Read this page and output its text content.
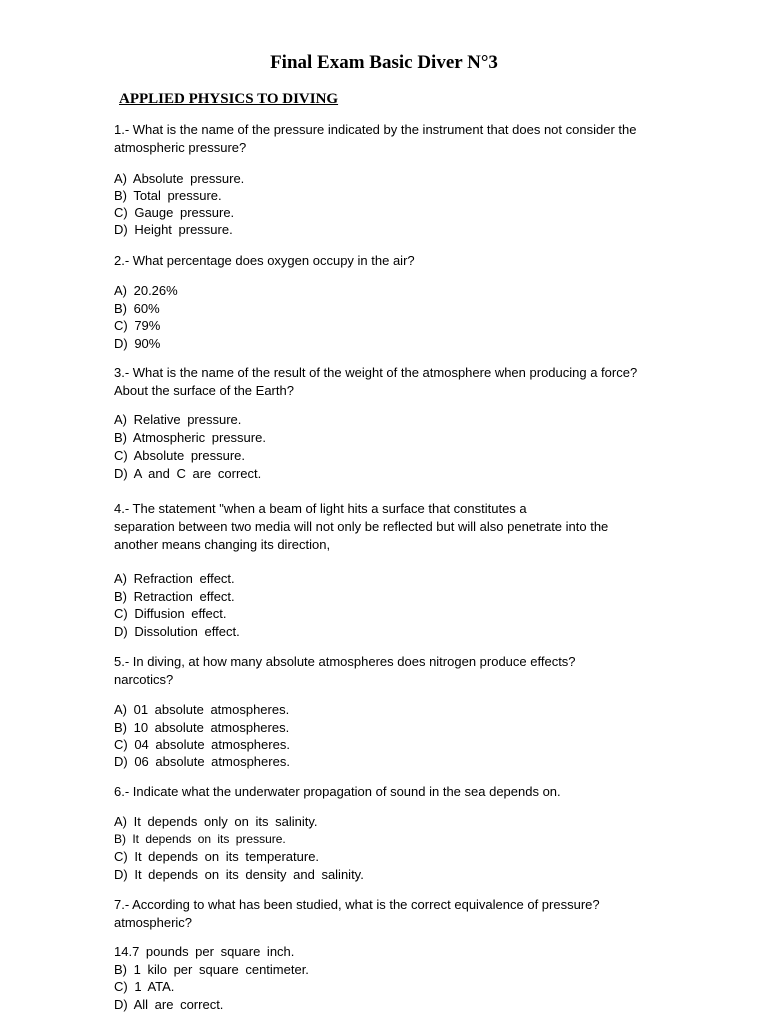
Final Exam Basic Diver N°3
APPLIED PHYSICS TO DIVING
1.- What is the name of the pressure indicated by the instrument that does not consider the
atmospheric pressure?
A) Absolute pressure.
B) Total pressure.
C) Gauge pressure.
D) Height pressure.
2.- What percentage does oxygen occupy in the air?
A) 20.26%
B) 60%
C) 79%
D) 90%
3.- What is the name of the result of the weight of the atmosphere when producing a force?
About the surface of the Earth?
A) Relative pressure.
B) Atmospheric pressure.
C) Absolute pressure.
D) A and C are correct.
4.- The statement "when a beam of light hits a surface that constitutes a
separation between two media will not only be reflected but will also penetrate into the
another means changing its direction,
A) Refraction effect.
B) Retraction effect.
C) Diffusion effect.
D) Dissolution effect.
5.- In diving, at how many absolute atmospheres does nitrogen produce effects?
narcotics?
A) 01 absolute atmospheres.
B) 10 absolute atmospheres.
C) 04 absolute atmospheres.
D) 06 absolute atmospheres.
6.- Indicate what the underwater propagation of sound in the sea depends on.
A) It depends only on its salinity.
B) It depends on its pressure.
C) It depends on its temperature.
D) It depends on its density and salinity.
7.- According to what has been studied, what is the correct equivalence of pressure?
atmospheric?
14.7 pounds per square inch.
B) 1 kilo per square centimeter.
C) 1 ATA.
D) All are correct.
